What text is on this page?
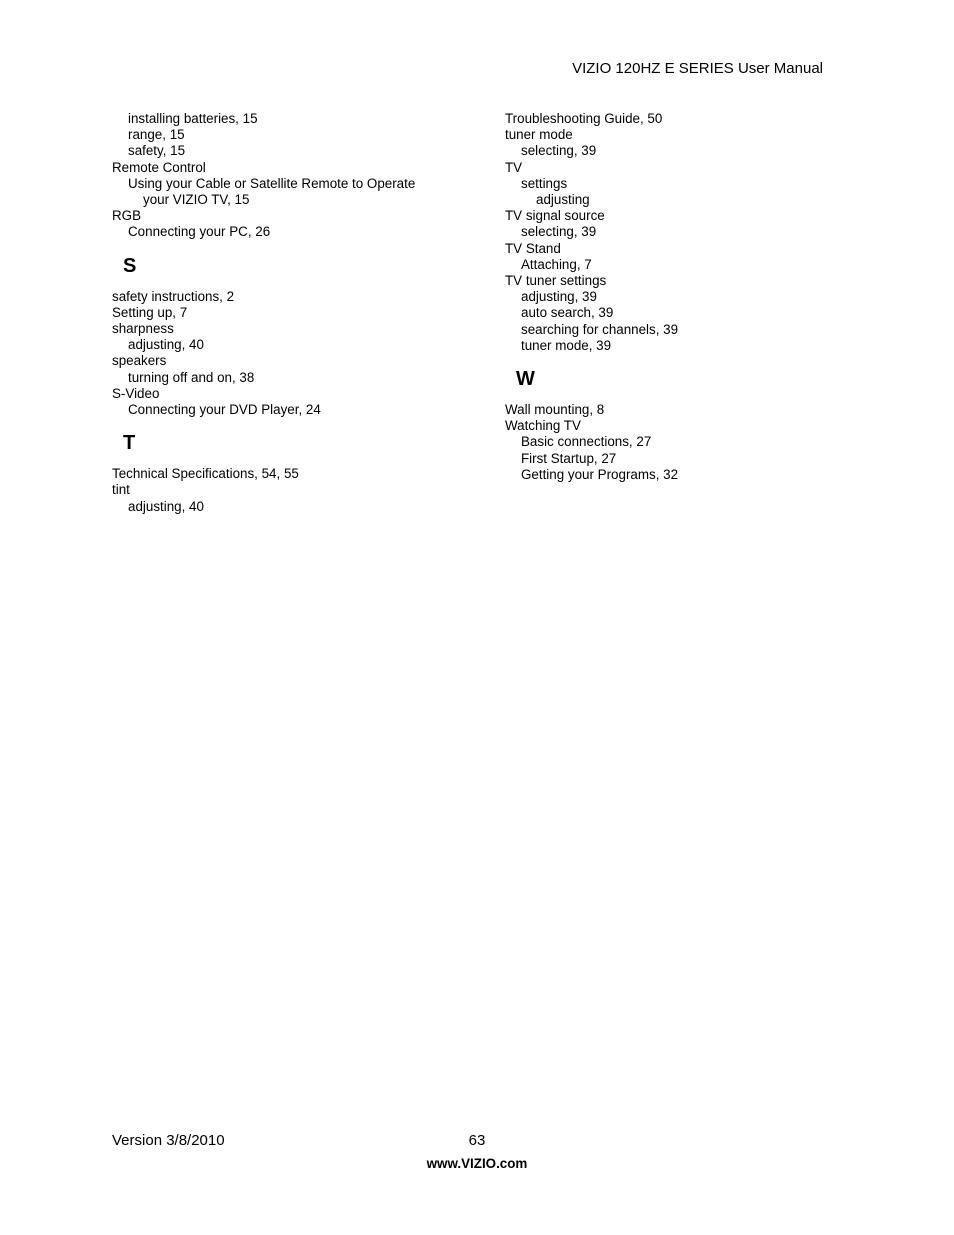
VIZIO 120HZ E SERIES User Manual
installing batteries, 15
range, 15
safety, 15
Remote Control
Using your Cable or Satellite Remote to Operate
your VIZIO TV, 15
RGB
Connecting your PC, 26
S
safety instructions, 2
Setting up, 7
sharpness
adjusting, 40
speakers
turning off and on, 38
S-Video
Connecting your DVD Player, 24
T
Technical Specifications, 54, 55
tint
adjusting, 40
Troubleshooting Guide, 50
tuner mode
selecting, 39
TV
settings
adjusting
TV signal source
selecting, 39
TV Stand
Attaching, 7
TV tuner settings
adjusting, 39
auto search, 39
searching for channels, 39
tuner mode, 39
W
Wall mounting, 8
Watching TV
Basic connections, 27
First Startup, 27
Getting your Programs, 32
Version 3/8/2010	63
www.VIZIO.com
